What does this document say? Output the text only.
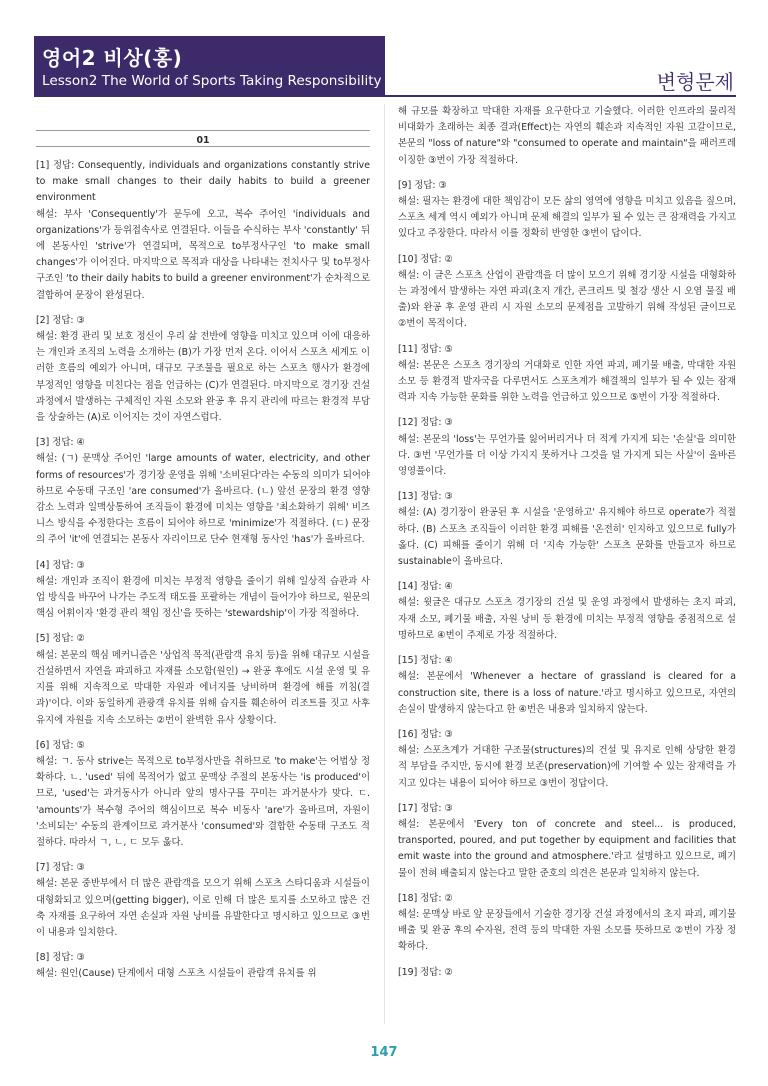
영어2 비상(홍)
Lesson2 The World of Sports Taking Responsibility	변형문제
01

[1] 정답: Consequently, individuals and organizations constantly strive to make small changes to their daily habits to build a greener environment

해설: 부사 'Consequently'가 문두에 오고, 복수 주어인 'individuals and organizations'가 등위접속사로 연결된다. 이들을 수식하는 부사 'constantly' 뒤에 본동사인 'strive'가 연결되며, 목적으로 to부정사구인 'to make small changes'가 이어진다. 마지막으로 목적과 대상을 나타내는 전치사구 및 to부정사 구조인 'to their daily habits to build a greener environment'가 순차적으로 결합하여 문장이 완성된다.

[2] 정답: ③

해설: 환경 관리 및 보호 정신이 우리 삶 전반에 영향을 미치고 있으며 이에 대응하는 개인과 조직의 노력을 소개하는 (B)가 가장 먼저 온다. 이어서 스포츠 세계도 이러한 흐름의 예외가 아니며, 대규모 구조물을 필요로 하는 스포츠 행사가 환경에 부정적인 영향을 미친다는 점을 언급하는 (C)가 연결된다. 마지막으로 경기장 건설 과정에서 발생하는 구체적인 자원 소모와 완공 후 유지 관리에 따르는 환경적 부담을 상술하는 (A)로 이어지는 것이 자연스럽다.

[3] 정답: ④

해설: (ㄱ) 문맥상 주어인 'large amounts of water, electricity, and other forms of resources'가 경기장 운영을 위해 '소비된다'라는 수동의 의미가 되어야 하므로 수동태 구조인 'are consumed'가 올바르다. (ㄴ) 앞선 문장의 환경 영향 감소 노력과 일맥상통하여 조직들이 환경에 미치는 영향을 '최소화하기 위해' 비즈니스 방식을 수정한다는 흐름이 되어야 하므로 'minimize'가 적절하다. (ㄷ) 문장의 주어 'it'에 연결되는 본동사 자리이므로 단수 현재형 동사인 'has'가 올바르다.

[4] 정답: ③

해설: 개인과 조직이 환경에 미치는 부정적 영향을 줄이기 위해 일상적 습관과 사업 방식을 바꾸어 나가는 주도적 태도를 포괄하는 개념이 들어가야 하므로, 원문의 핵심 어휘이자 '환경 관리 책임 정신'을 뜻하는 'stewardship'이 가장 적절하다.

[5] 정답: ②

해설: 본문의 핵심 메커니즘은 '상업적 목적(관람객 유치 등)을 위해 대규모 시설을 건설하면서 자연을 파괴하고 자재를 소모함(원인) → 완공 후에도 시설 운영 및 유지를 위해 지속적으로 막대한 자원과 에너지를 낭비하며 환경에 해를 끼침(결과)'이다. 이와 동일하게 관광객 유치를 위해 습지를 훼손하여 리조트를 짓고 사후 유지에 자원을 지속 소모하는 ②번이 완벽한 유사 상황이다.

[6] 정답: ⑤

해설: ㄱ. 동사 strive는 목적으로 to부정사만을 취하므로 'to make'는 어법상 정확하다. ㄴ. 'used' 뒤에 목적어가 없고 문맥상 주절의 본동사는 'is produced'이므로, 'used'는 과거동사가 아니라 앞의 명사구를 꾸미는 과거분사가 맞다. ㄷ. 'amounts'가 복수형 주어의 핵심이므로 복수 비동사 'are'가 올바르며, 자원이 '소비되는' 수동의 관계이므로 과거분사 'consumed'와 결합한 수동태 구조도 적절하다. 따라서 ㄱ, ㄴ, ㄷ 모두 옳다.

[7] 정답: ③

해설: 본문 중반부에서 더 많은 관람객을 모으기 위해 스포츠 스타디움과 시설들이 대형화되고 있으며(getting bigger), 이로 인해 더 많은 토지를 소모하고 많은 건축 자재를 요구하여 자연 손실과 자원 낭비를 유발한다고 명시하고 있으므로 ③번이 내용과 일치한다.

[8] 정답: ③

해설: 원인(Cause) 단계에서 대형 스포츠 시설들이 관람객 유치를 위

해 규모를 확장하고 막대한 자재를 요구한다고 기술했다. 이러한 인프라의 물리적 비대화가 초래하는 최종 결과(Effect)는 자연의 훼손과 지속적인 자원 고갈이므로, 본문의 "loss of nature"와 "consumed to operate and maintain"을 패러프레이징한 ③번이 가장 적절하다.

[9] 정답: ③

해설: 필자는 환경에 대한 책임감이 모든 삶의 영역에 영향을 미치고 있음을 짚으며, 스포츠 세계 역시 예외가 아니며 문제 해결의 일부가 될 수 있는 큰 잠재력을 가지고 있다고 주장한다. 따라서 이를 정확히 반영한 ③번이 답이다.

[10] 정답: ②

해설: 이 글은 스포츠 산업이 관람객을 더 많이 모으기 위해 경기장 시설을 대형화하는 과정에서 발생하는 자연 파괴(초지 개간, 콘크리트 및 철강 생산 시 오염 물질 배출)와 완공 후 운영 관리 시 자원 소모의 문제점을 고발하기 위해 작성된 글이므로 ②번이 목적이다.

[11] 정답: ⑤

해설: 본문은 스포츠 경기장의 거대화로 인한 자연 파괴, 폐기물 배출, 막대한 자원 소모 등 환경적 발자국을 다루면서도 스포츠계가 해결책의 일부가 될 수 있는 잠재력과 지속 가능한 문화를 위한 노력을 언급하고 있으므로 ⑤번이 가장 적절하다.

[12] 정답: ③

해설: 본문의 'loss'는 무언가를 잃어버리거나 더 적게 가지게 되는 '손실'을 의미한다. ③번 '무언가를 더 이상 가지지 못하거나 그것을 덜 가지게 되는 사실'이 올바른 영영풀이다.

[13] 정답: ③

해설: (A) 경기장이 완공된 후 시설을 '운영하고' 유지해야 하므로 operate가 적절하다. (B) 스포츠 조직들이 이러한 환경 피해를 '온전히' 인지하고 있으므로 fully가 옳다. (C) 피해를 줄이기 위해 더 '지속 가능한' 스포츠 문화를 만들고자 하므로 sustainable이 올바르다.

[14] 정답: ④

해설: 윗글은 대규모 스포츠 경기장의 건설 및 운영 과정에서 발생하는 초지 파괴, 자재 소모, 폐기물 배출, 자원 낭비 등 환경에 미치는 부정적 영향을 중점적으로 설명하므로 ④번이 주제로 가장 적절하다.

[15] 정답: ④

해설: 본문에서 'Whenever a hectare of grassland is cleared for a construction site, there is a loss of nature.'라고 명시하고 있으므로, 자연의 손실이 발생하지 않는다고 한 ④번은 내용과 일치하지 않는다.

[16] 정답: ③

해설: 스포츠계가 거대한 구조물(structures)의 건설 및 유지로 인해 상당한 환경적 부담을 주지만, 동시에 환경 보존(preservation)에 기여할 수 있는 잠재력을 가지고 있다는 내용이 되어야 하므로 ③번이 정답이다.

[17] 정답: ③

해설: 본문에서 'Every ton of concrete and steel... is produced, transported, poured, and put together by equipment and facilities that emit waste into the ground and atmosphere.'라고 설명하고 있으므로, 폐기물이 전혀 배출되지 않는다고 말한 준호의 의견은 본문과 일치하지 않는다.

[18] 정답: ②

해설: 문맥상 바로 앞 문장들에서 기술한 경기장 건설 과정에서의 초지 파괴, 폐기물 배출 및 완공 후의 수자원, 전력 등의 막대한 자원 소모를 뜻하므로 ②번이 가장 정확하다.

[19] 정답: ②

147
